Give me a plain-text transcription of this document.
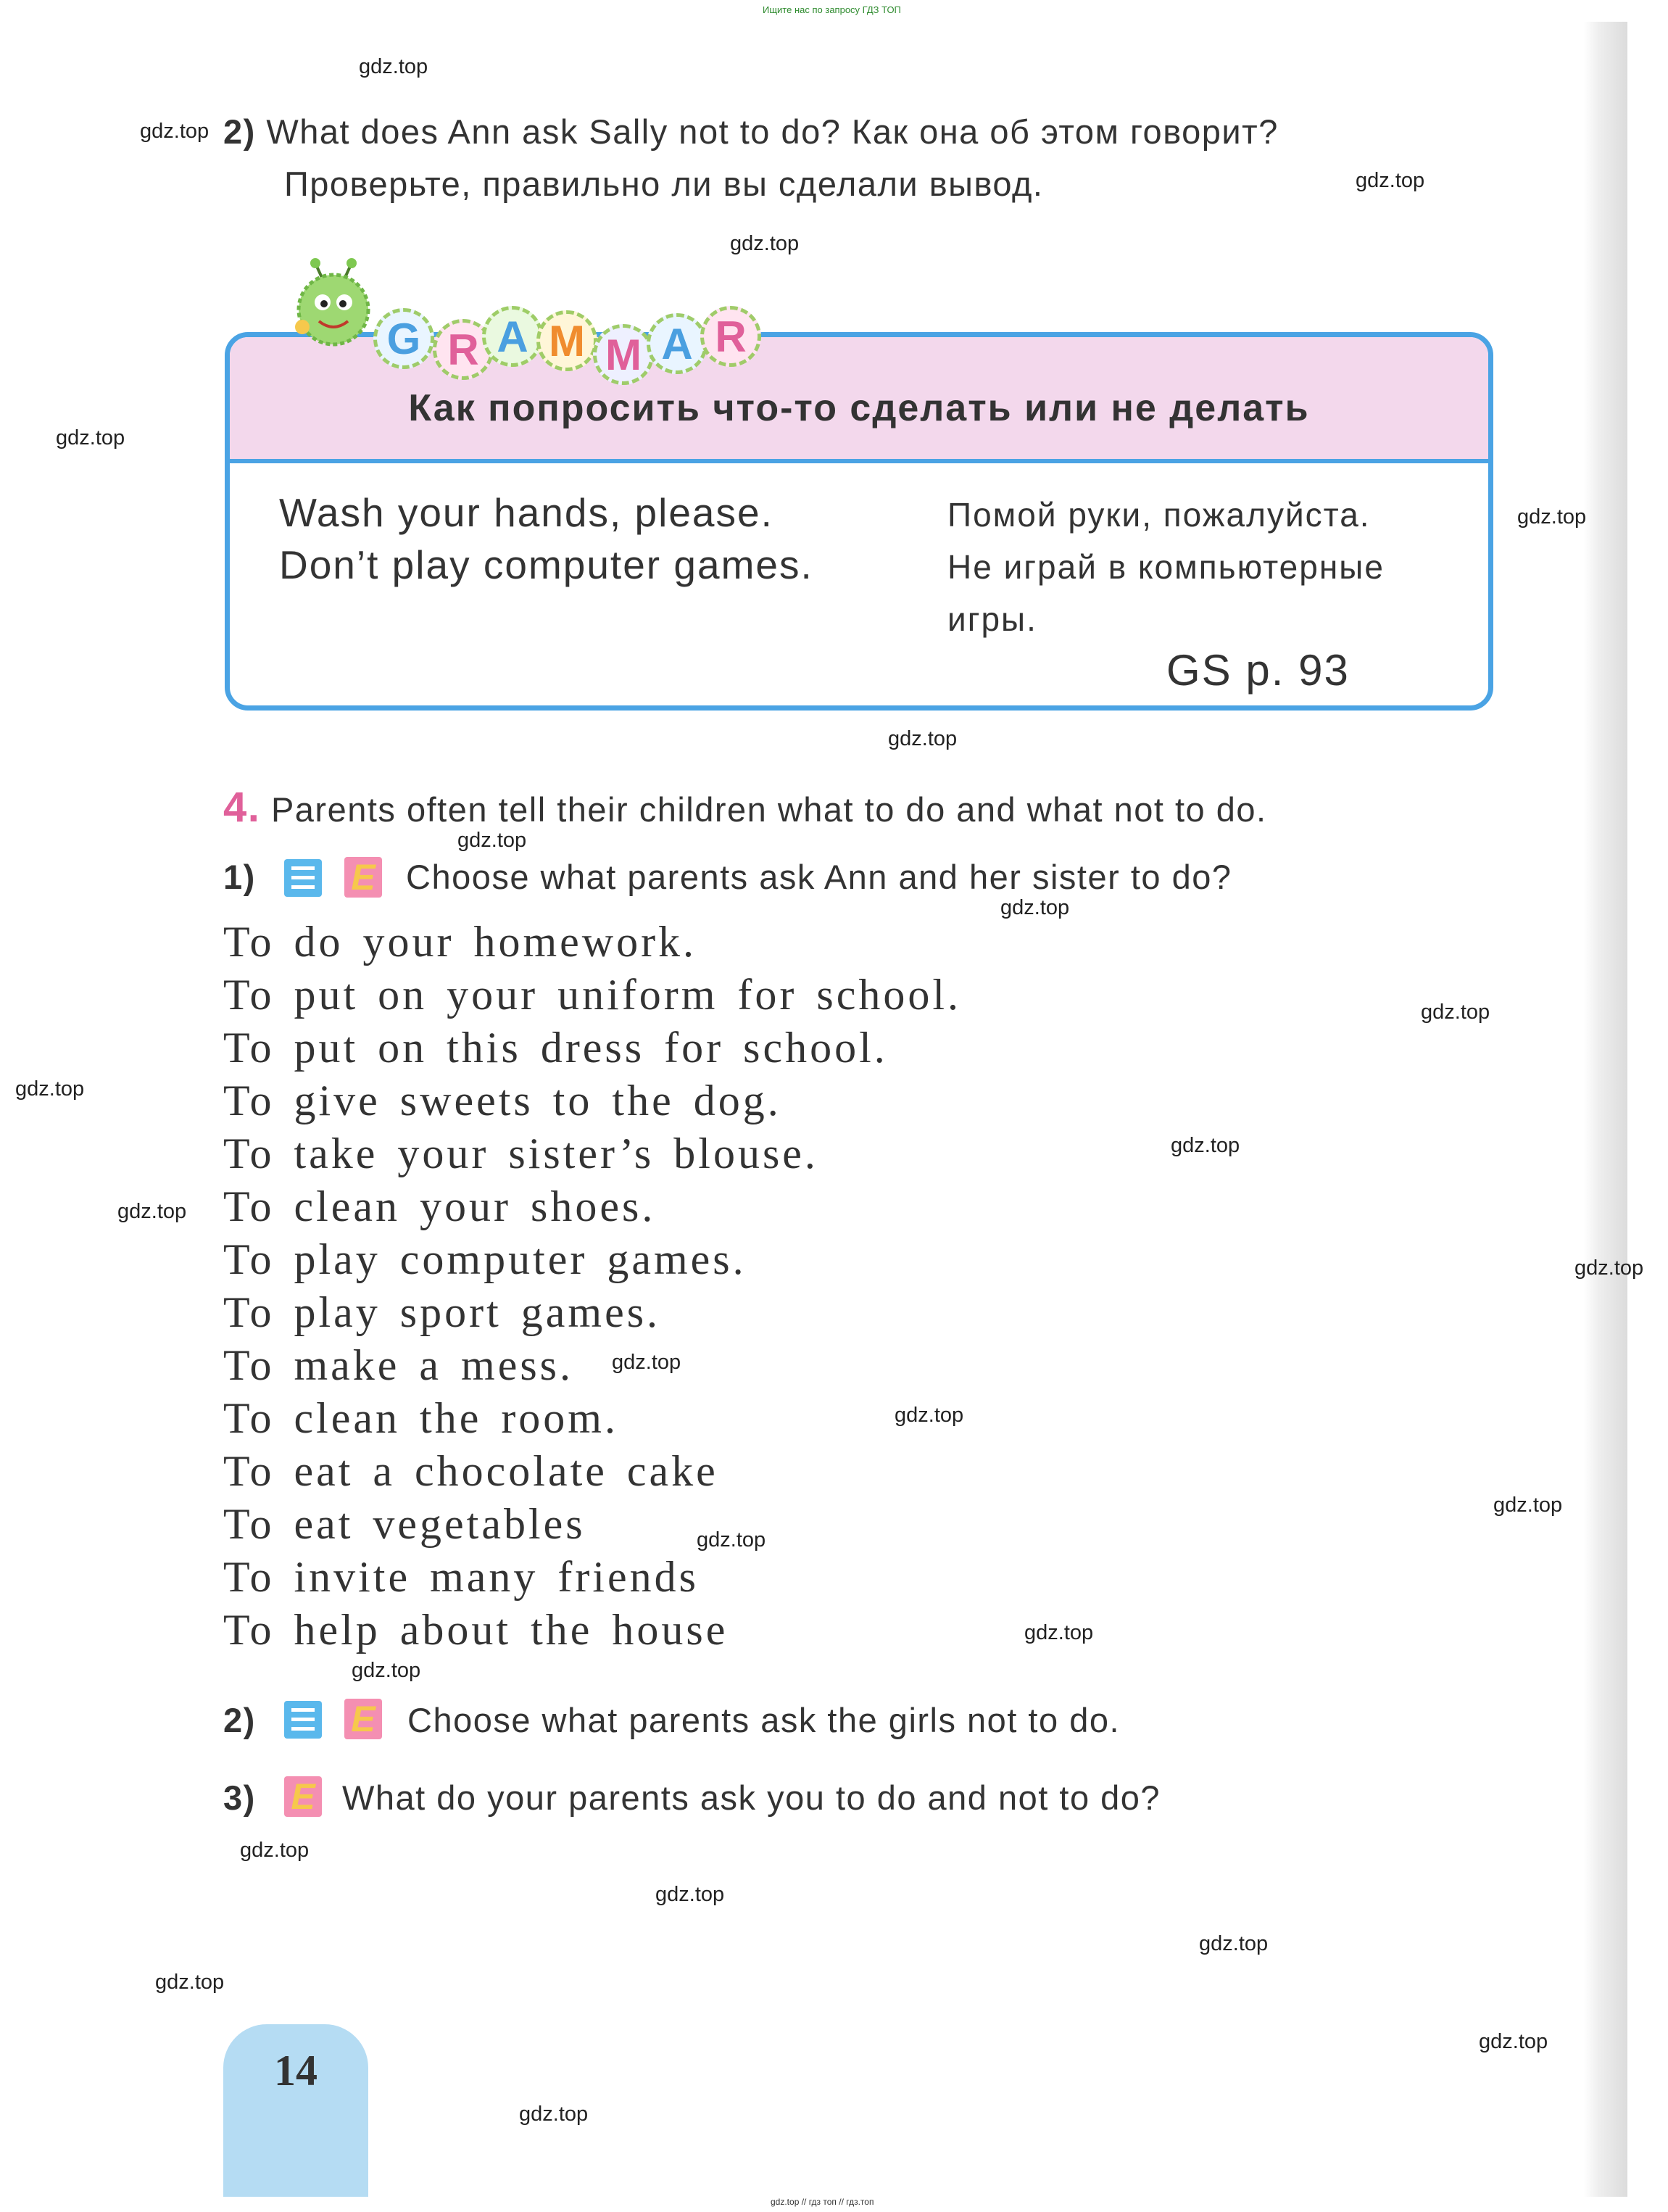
Ищите нас по запросу ГДЗ ТОП
gdz.top
gdz.top
gdz.top
gdz.top
gdz.top
gdz.top
gdz.top
gdz.top
gdz.top
gdz.top
gdz.top
gdz.top
gdz.top
gdz.top
gdz.top
gdz.top
gdz.top
gdz.top
gdz.top
gdz.top
gdz.top
gdz.top
gdz.top
gdz.top
gdz.top
gdz.top
2) What does Ann ask Sally not to do? Как она об этом говорит?
Проверьте, правильно ли вы сделали вывод.
Как попросить что-то сделать или не делать
Wash your hands, please.
Don’t play computer games.
Помой руки, пожалуйста.
Не играй в компьютерные
игры.
GS p. 93
G R A M M A R
4. Parents often tell their children what to do and what not to do.
1)	E Choose what parents ask Ann and her sister to do?
To do your homework.
To put on your uniform for school.
To put on this dress for school.
To give sweets to the dog.
To take your sister’s blouse.
To clean your shoes.
To play computer games.
To play sport games.
To make a mess.
To clean the room.
To eat a chocolate cake
To eat vegetables
To invite many friends
To help about the house
2)	E Choose what parents ask the girls not to do.
3) E What do your parents ask you to do and not to do?
14
gdz.top // гдз топ // гдз.топ
